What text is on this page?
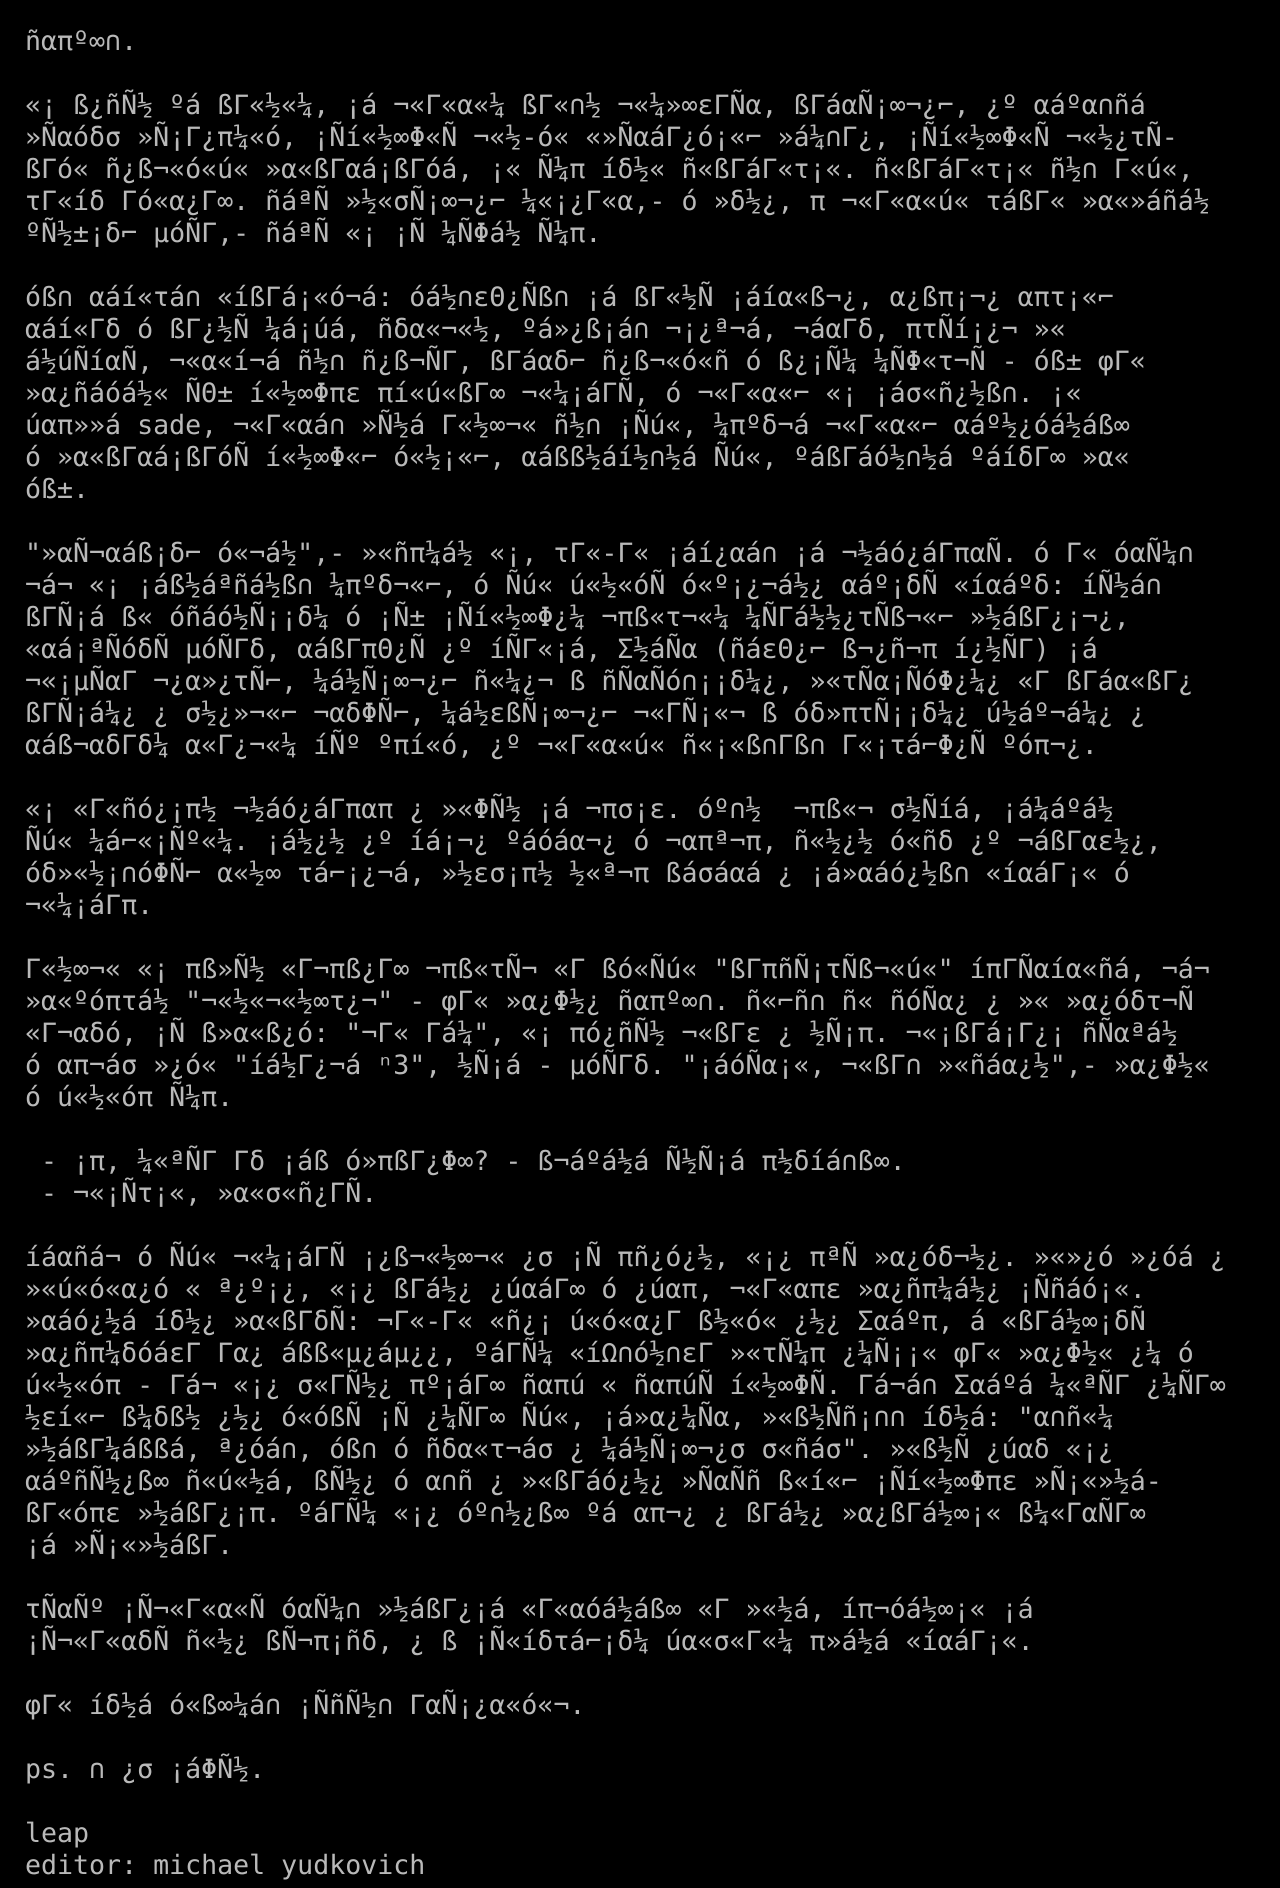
ñαπº∞∩.

«¡ ß¿ñÑ½ ºá ßΓ«½«¼, ¡á ¬«Γ«α«¼ ßΓ«∩½ ¬«¼»∞εΓÑα, ßΓáαÑ¡∞¬¿⌐, ¿º αáºα∩ñá
»Ñαóδσ »Ñ¡Γ¿π¼«ó, ¡Ñí«½∞Φ«Ñ ¬«½-ó« «»ÑαáΓ¿ó¡«⌐ »á¼∩Γ¿, ¡Ñí«½∞Φ«Ñ ¬«½¿τÑ-
ßΓó« ñ¿ß¬«ó«ú« »α«ßΓαá¡ßΓóá, ¡« Ñ¼π íδ½« ñ«ßΓáΓ«τ¡«. ñ«ßΓáΓ«τ¡« ñ½∩ Γ«ú«,
τΓ«íδ Γó«α¿Γ∞. ñáªÑ »½«σÑ¡∞¬¿⌐ ¼«¡¿Γ«α,- ó »δ½¿, π ¬«Γ«α«ú« τáßΓ« »α«»áñá½
ºÑ½±¡δ⌐ µóÑΓ,- ñáªÑ «¡ ¡Ñ ¼ÑΦá½ Ñ¼π.

óß∩ αáí«τá∩ «íßΓá¡«ó¬á: óá½∩εΘ¿Ñß∩ ¡á ßΓ«½Ñ ¡áíα«ß¬¿, α¿ßπ¡¬¿ απτ¡«⌐
αáí«Γδ ó ßΓ¿½Ñ ¼á¡úá, ñδα«¬«½, ºá»¿ß¡á∩ ¬¡¿ª¬á, ¬áαΓδ, πτÑí¡¿¬ »«
á½úÑíαÑ, ¬«α«í¬á ñ½∩ ñ¿ß¬ÑΓ, ßΓáαδ⌐ ñ¿ß¬«ó«ñ ó ß¿¡Ñ¼ ¼ÑΦ«τ¬Ñ - óß± φΓ«
»α¿ñáóá½« ÑΘ± í«½∞Φπε πí«ú«ßΓ∞ ¬«¼¡áΓÑ, ó ¬«Γ«α«⌐ «¡ ¡áσ«ñ¿½ß∩. ¡«
úαπ»»á sade, ¬«Γ«αá∩ »Ñ½á Γ«½∞¬« ñ½∩ ¡Ñú«, ¼πºδ¬á ¬«Γ«α«⌐ αáº½¿óá½áß∞
ó »α«ßΓαá¡ßΓóÑ í«½∞Φ«⌐ ó«½¡«⌐, αáßß½áí½∩½á Ñú«, ºáßΓáó½∩½á ºáíδΓ∞ »α«
óß±.

"»αÑ¬αáß¡δ⌐ ó«¬á½",- »«ñπ¼á½ «¡, τΓ«-Γ« ¡áí¿αá∩ ¡á ¬½áó¿áΓπαÑ. ó Γ« óαÑ¼∩
¬á¬ «¡ ¡áß½áªñá½ß∩ ¼πºδ¬«⌐, ó Ñú« ú«½«óÑ ó«º¡¿¬á½¿ αáº¡δÑ «íαáºδ: íÑ½á∩
ßΓÑ¡á ß« óñáó½Ñ¡¡δ¼ ó ¡Ñ± ¡Ñí«½∞Φ¿¼ ¬πß«τ¬«¼ ¼ÑΓá½½¿τÑß¬«⌐ »½áßΓ¿¡¬¿,
«αá¡ªÑóδÑ µóÑΓδ, αáßΓπΘ¿Ñ ¿º íÑΓ«¡á, Σ½áÑα (ñáεΘ¿⌐ ß¬¿ñ¬π í¿½ÑΓ) ¡á
¬«¡µÑαΓ ¬¿α»¿τÑ⌐, ¼á½Ñ¡∞¬¿⌐ ñ«¼¿¬ ß ñÑαÑó∩¡¡δ¼¿, »«τÑα¡ÑóΦ¿¼¿ «Γ ßΓáα«ßΓ¿
ßΓÑ¡á¼¿ ¿ σ½¿»¬«⌐ ¬αδΦÑ⌐, ¼á½εßÑ¡∞¬¿⌐ ¬«ΓÑ¡«¬ ß óδ»πτÑ¡¡δ¼¿ ú½áº¬á¼¿ ¿
αáß¬αδΓδ¼ α«Γ¿¬«¼ íÑº ºπí«ó, ¿º ¬«Γ«α«ú« ñ«¡«ß∩Γß∩ Γ«¡τá⌐Φ¿Ñ ºóπ¬¿.

«¡ «Γ«ñó¿¡π½ ¬½áó¿áΓπαπ ¿ »«ΦÑ½ ¡á ¬πσ¡ε. óº∩½  ¬πß«¬ σ½Ñíá, ¡á¼áºá½
Ñú« ¼á⌐«¡Ñº«¼. ¡á½¿½ ¿º íá¡¬¿ ºáóáα¬¿ ó ¬απª¬π, ñ«½¿½ ó«ñδ ¿º ¬áßΓαε½¿,
óδ»«½¡∩óΦÑ⌐ α«½∞ τá⌐¡¿¬á, »½εσ¡π½ ½«ª¬π ßáσáαá ¿ ¡á»αáó¿½ß∩ «íαáΓ¡« ó
¬«¼¡áΓπ.

Γ«½∞¬« «¡ πß»Ñ½ «Γ¬πß¿Γ∞ ¬πß«τÑ¬ «Γ ßó«Ñú« "ßΓπñÑ¡τÑß¬«ú«" íπΓÑαíα«ñá, ¬á¬
»α«ºóπτá½ "¬«½«¬«½∞τ¿¬" - φΓ« »α¿Φ½¿ ñαπº∞∩. ñ«⌐ñ∩ ñ« ñóÑα¿ ¿ »« »α¿óδτ¬Ñ
«Γ¬αδó, ¡Ñ ß»α«ß¿ó: "¬Γ« Γá¼", «¡ πó¿ñÑ½ ¬«ßΓε ¿ ½Ñ¡π. ¬«¡ßΓá¡Γ¿¡ ñÑαªá½
ó απ¬áσ »¿ó« "íá½Γ¿¬á ⁿ3", ½Ñ¡á - µóÑΓδ. "¡áóÑα¡«, ¬«ßΓ∩ »«ñáα¿½",- »α¿Φ½«
ó ú«½«óπ Ñ¼π.

- ¡π, ¼«ªÑΓ Γδ ¡áß ó»πßΓ¿Φ∞? - ß¬áºá½á Ñ½Ñ¡á π½δíá∩ß∞.
- ¬«¡Ñτ¡«, »α«σ«ñ¿ΓÑ.

íáαñá¬ ó Ñú« ¬«¼¡áΓÑ ¡¿ß¬«½∞¬« ¿σ ¡Ñ πñ¿ó¿½, «¡¿ πªÑ »α¿óδ¬½¿. »«»¿ó »¿óá ¿
»«ú«ó«α¿ó « ª¿º¡¿, «¡¿ ßΓá½¿ ¿úαáΓ∞ ó ¿úαπ, ¬«Γ«απε »α¿ñπ¼á½¿ ¡Ññáó¡«.
»αáó¿½á íδ½¿ »α«ßΓδÑ: ¬Γ«-Γ« «ñ¿¡ ú«ó«α¿Γ ß½«ó« ¿½¿ Σαáºπ, á «ßΓá½∞¡δÑ
»α¿ñπ¼δóáεΓ Γα¿ áßß«µ¿áµ¿¿, ºáΓÑ¼ «íΩ∩ó½∩εΓ »«τÑ¼π ¿¼Ñ¡¡« φΓ« »α¿Φ½« ¿¼ ó
ú«½«óπ - Γá¬ «¡¿ σ«ΓÑ½¿ πº¡áΓ∞ ñαπú « ñαπúÑ í«½∞ΦÑ. Γá¬á∩ Σαáºá ¼«ªÑΓ ¿¼ÑΓ∞
½εí«⌐ ß¼δß½ ¿½¿ ó«óßÑ ¡Ñ ¿¼ÑΓ∞ Ñú«, ¡á»α¿¼Ñα, »«ß½Ññ¡∩∩ íδ½á: "α∩ñ«¼
»½áßΓ¼áßßá, ª¿óá∩, óß∩ ó ñδα«τ¬áσ ¿ ¼á½Ñ¡∞¬¿σ σ«ñáσ". »«ß½Ñ ¿úαδ «¡¿
αáºñÑ½¿ß∞ ñ«ú«½á, ßÑ½¿ ó α∩ñ ¿ »«ßΓáó¿½¿ »ÑαÑñ ß«í«⌐ ¡Ñí«½∞Φπε »Ñ¡«»½á-
ßΓ«óπε »½áßΓ¿¡π. ºáΓÑ¼ «¡¿ óº∩½¿ß∞ ºá απ¬¿ ¿ ßΓá½¿ »α¿ßΓá½∞¡« ß¼«ΓαÑΓ∞
¡á »Ñ¡«»½áßΓ.

τÑαÑº ¡Ñ¬«Γ«α«Ñ óαÑ¼∩ »½áßΓ¿¡á «Γ«αóá½áß∞ «Γ »«½á, íπ¬óá½∞¡« ¡á
¡Ñ¬«Γ«αδÑ ñ«½¿ ßÑ¬π¡ñδ, ¿ ß ¡Ñ«íδτá⌐¡δ¼ úα«σ«Γ«¼ π»á½á «íαáΓ¡«.

φΓ« íδ½á ó«ß∞¼á∩ ¡ÑñÑ½∩ ΓαÑ¡¿α«ó«¬.

ps. ∩ ¿σ ¡áΦÑ½.

leap
editor: michael yudkovich
